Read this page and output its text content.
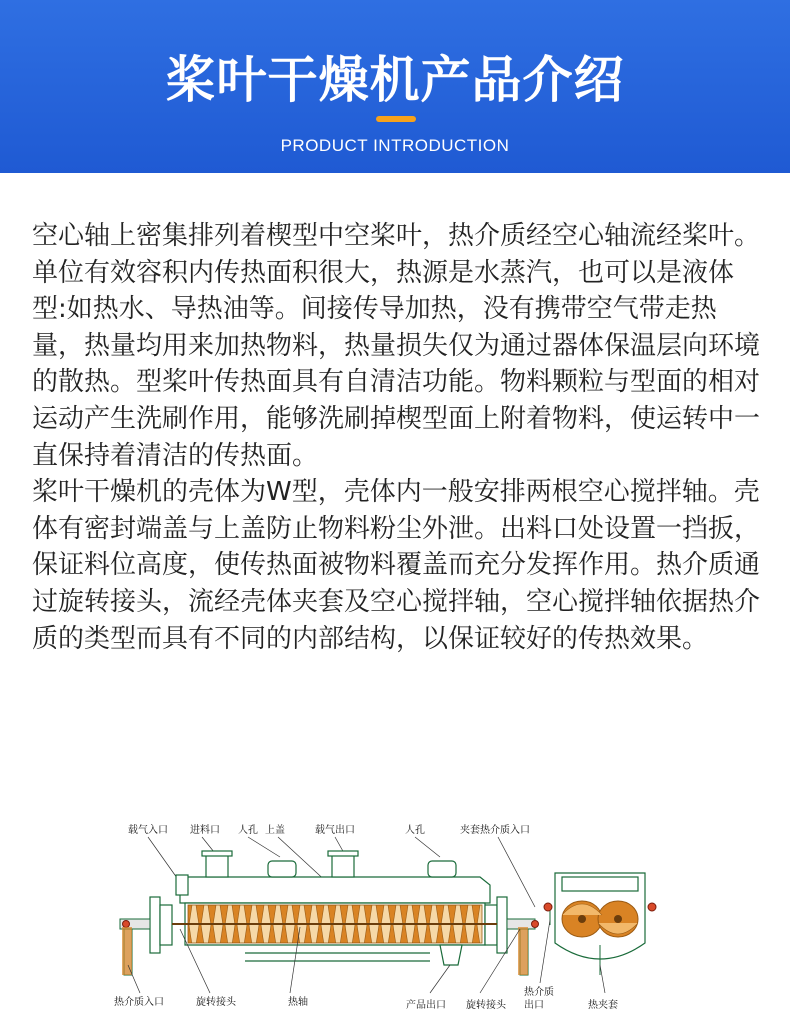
桨叶干燥机产品介绍
PRODUCT INTRODUCTION

空心轴上密集排列着楔型中空桨叶，热介质经空心轴流经桨叶。单位有效容积内传热面积很大，热源是水蒸汽，也可以是液体型:如热水、导热油等。间接传导加热，没有携带空气带走热量，热量均用来加热物料，热量损失仅为通过器体保温层向环境的散热。型桨叶传热面具有自清洁功能。物料颗粒与型面的相对运动产生洗刷作用，能够洗刷掉楔型面上附着物料，使运转中一直保持着清洁的传热面。

桨叶干燥机的壳体为W型，壳体内一般安排两根空心搅拌轴。壳体有密封端盖与上盖防止物料粉尘外泄。出料口处设置一挡扳，保证料位高度，使传热面被物料覆盖而充分发挥作用。热介质通过旋转接头，流经壳体夹套及空心搅拌轴，空心搅拌轴依据热介质的类型而具有不同的内部结构，以保证较好的传热效果。

载气入口 进料口 人孔 上盖	载气出口	人孔	夹套热介质入口
热介质入口	旋转接头	热轴	产品出口 旋转接头
热介质
出口	热夹套
